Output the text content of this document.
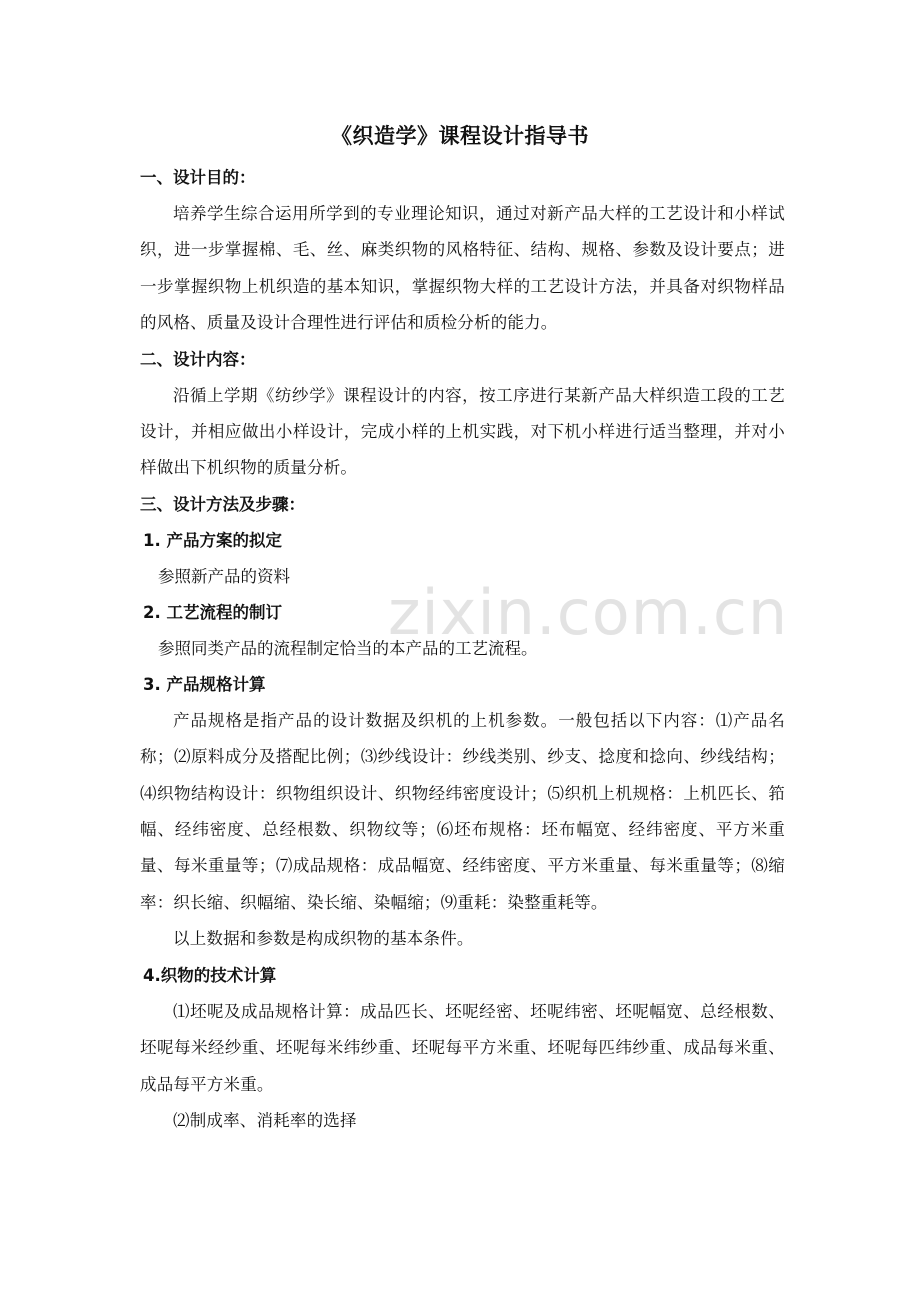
zixin.com.cn
《织造学》课程设计指导书
一、设计目的：

培养学生综合运用所学到的专业理论知识，通过对新产品大样的工艺设计和小样试织，进一步掌握棉、毛、丝、麻类织物的风格特征、结构、规格、参数及设计要点；进一步掌握织物上机织造的基本知识，掌握织物大样的工艺设计方法，并具备对织物样品的风格、质量及设计合理性进行评估和质检分析的能力。

二、设计内容：

沿循上学期《纺纱学》课程设计的内容，按工序进行某新产品大样织造工段的工艺设计，并相应做出小样设计，完成小样的上机实践，对下机小样进行适当整理，并对小样做出下机织物的质量分析。

三、设计方法及步骤：
1. 产品方案的拟定

参照新产品的资料

2. 工艺流程的制订

参照同类产品的流程制定恰当的本产品的工艺流程。

3. 产品规格计算

产品规格是指产品的设计数据及织机的上机参数。一般包括以下内容：⑴产品名称；⑵原料成分及搭配比例；⑶纱线设计：纱线类别、纱支、捻度和捻向、纱线结构；⑷织物结构设计：织物组织设计、织物经纬密度设计；⑸织机上机规格：上机匹长、筘幅、经纬密度、总经根数、织物纹等；⑹坯布规格：坯布幅宽、经纬密度、平方米重量、每米重量等；⑺成品规格：成品幅宽、经纬密度、平方米重量、每米重量等；⑻缩率：织长缩、织幅缩、染长缩、染幅缩；⑼重耗：染整重耗等。

以上数据和参数是构成织物的基本条件。

4.织物的技术计算

⑴坯呢及成品规格计算：成品匹长、坯呢经密、坯呢纬密、坯呢幅宽、总经根数、坯呢每米经纱重、坯呢每米纬纱重、坯呢每平方米重、坯呢每匹纬纱重、成品每米重、成品每平方米重。

⑵制成率、消耗率的选择
